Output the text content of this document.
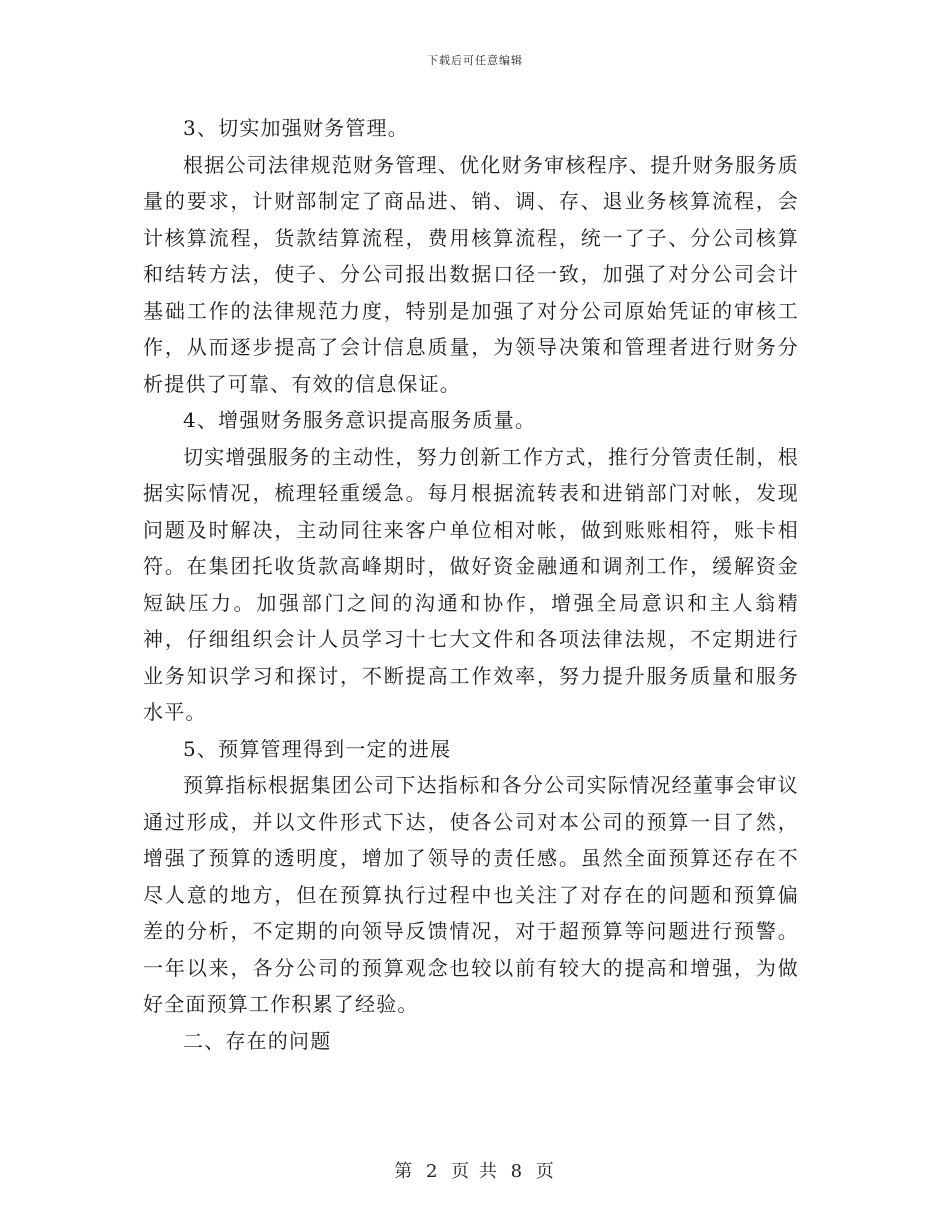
下载后可任意编辑

3、切实加强财务管理。

根据公司法律规范财务管理、优化财务审核程序、提升财务服务质量的要求，计财部制定了商品进、销、调、存、退业务核算流程，会计核算流程，货款结算流程，费用核算流程，统一了子、分公司核算和结转方法，使子、分公司报出数据口径一致，加强了对分公司会计基础工作的法律规范力度，特别是加强了对分公司原始凭证的审核工作，从而逐步提高了会计信息质量，为领导决策和管理者进行财务分析提供了可靠、有效的信息保证。

4、增强财务服务意识提高服务质量。

切实增强服务的主动性，努力创新工作方式，推行分管责任制，根据实际情况，梳理轻重缓急。每月根据流转表和进销部门对帐，发现问题及时解决，主动同往来客户单位相对帐，做到账账相符，账卡相符。在集团托收货款高峰期时，做好资金融通和调剂工作，缓解资金短缺压力。加强部门之间的沟通和协作，增强全局意识和主人翁精神，仔细组织会计人员学习十七大文件和各项法律法规，不定期进行业务知识学习和探讨，不断提高工作效率，努力提升服务质量和服务水平。

5、预算管理得到一定的进展

预算指标根据集团公司下达指标和各分公司实际情况经董事会审议通过形成，并以文件形式下达，使各公司对本公司的预算一目了然，增强了预算的透明度，增加了领导的责任感。虽然全面预算还存在不尽人意的地方，但在预算执行过程中也关注了对存在的问题和预算偏差的分析，不定期的向领导反馈情况，对于超预算等问题进行预警。一年以来，各分公司的预算观念也较以前有较大的提高和增强，为做好全面预算工作积累了经验。

二、存在的问题

第 2 页 共 8 页
